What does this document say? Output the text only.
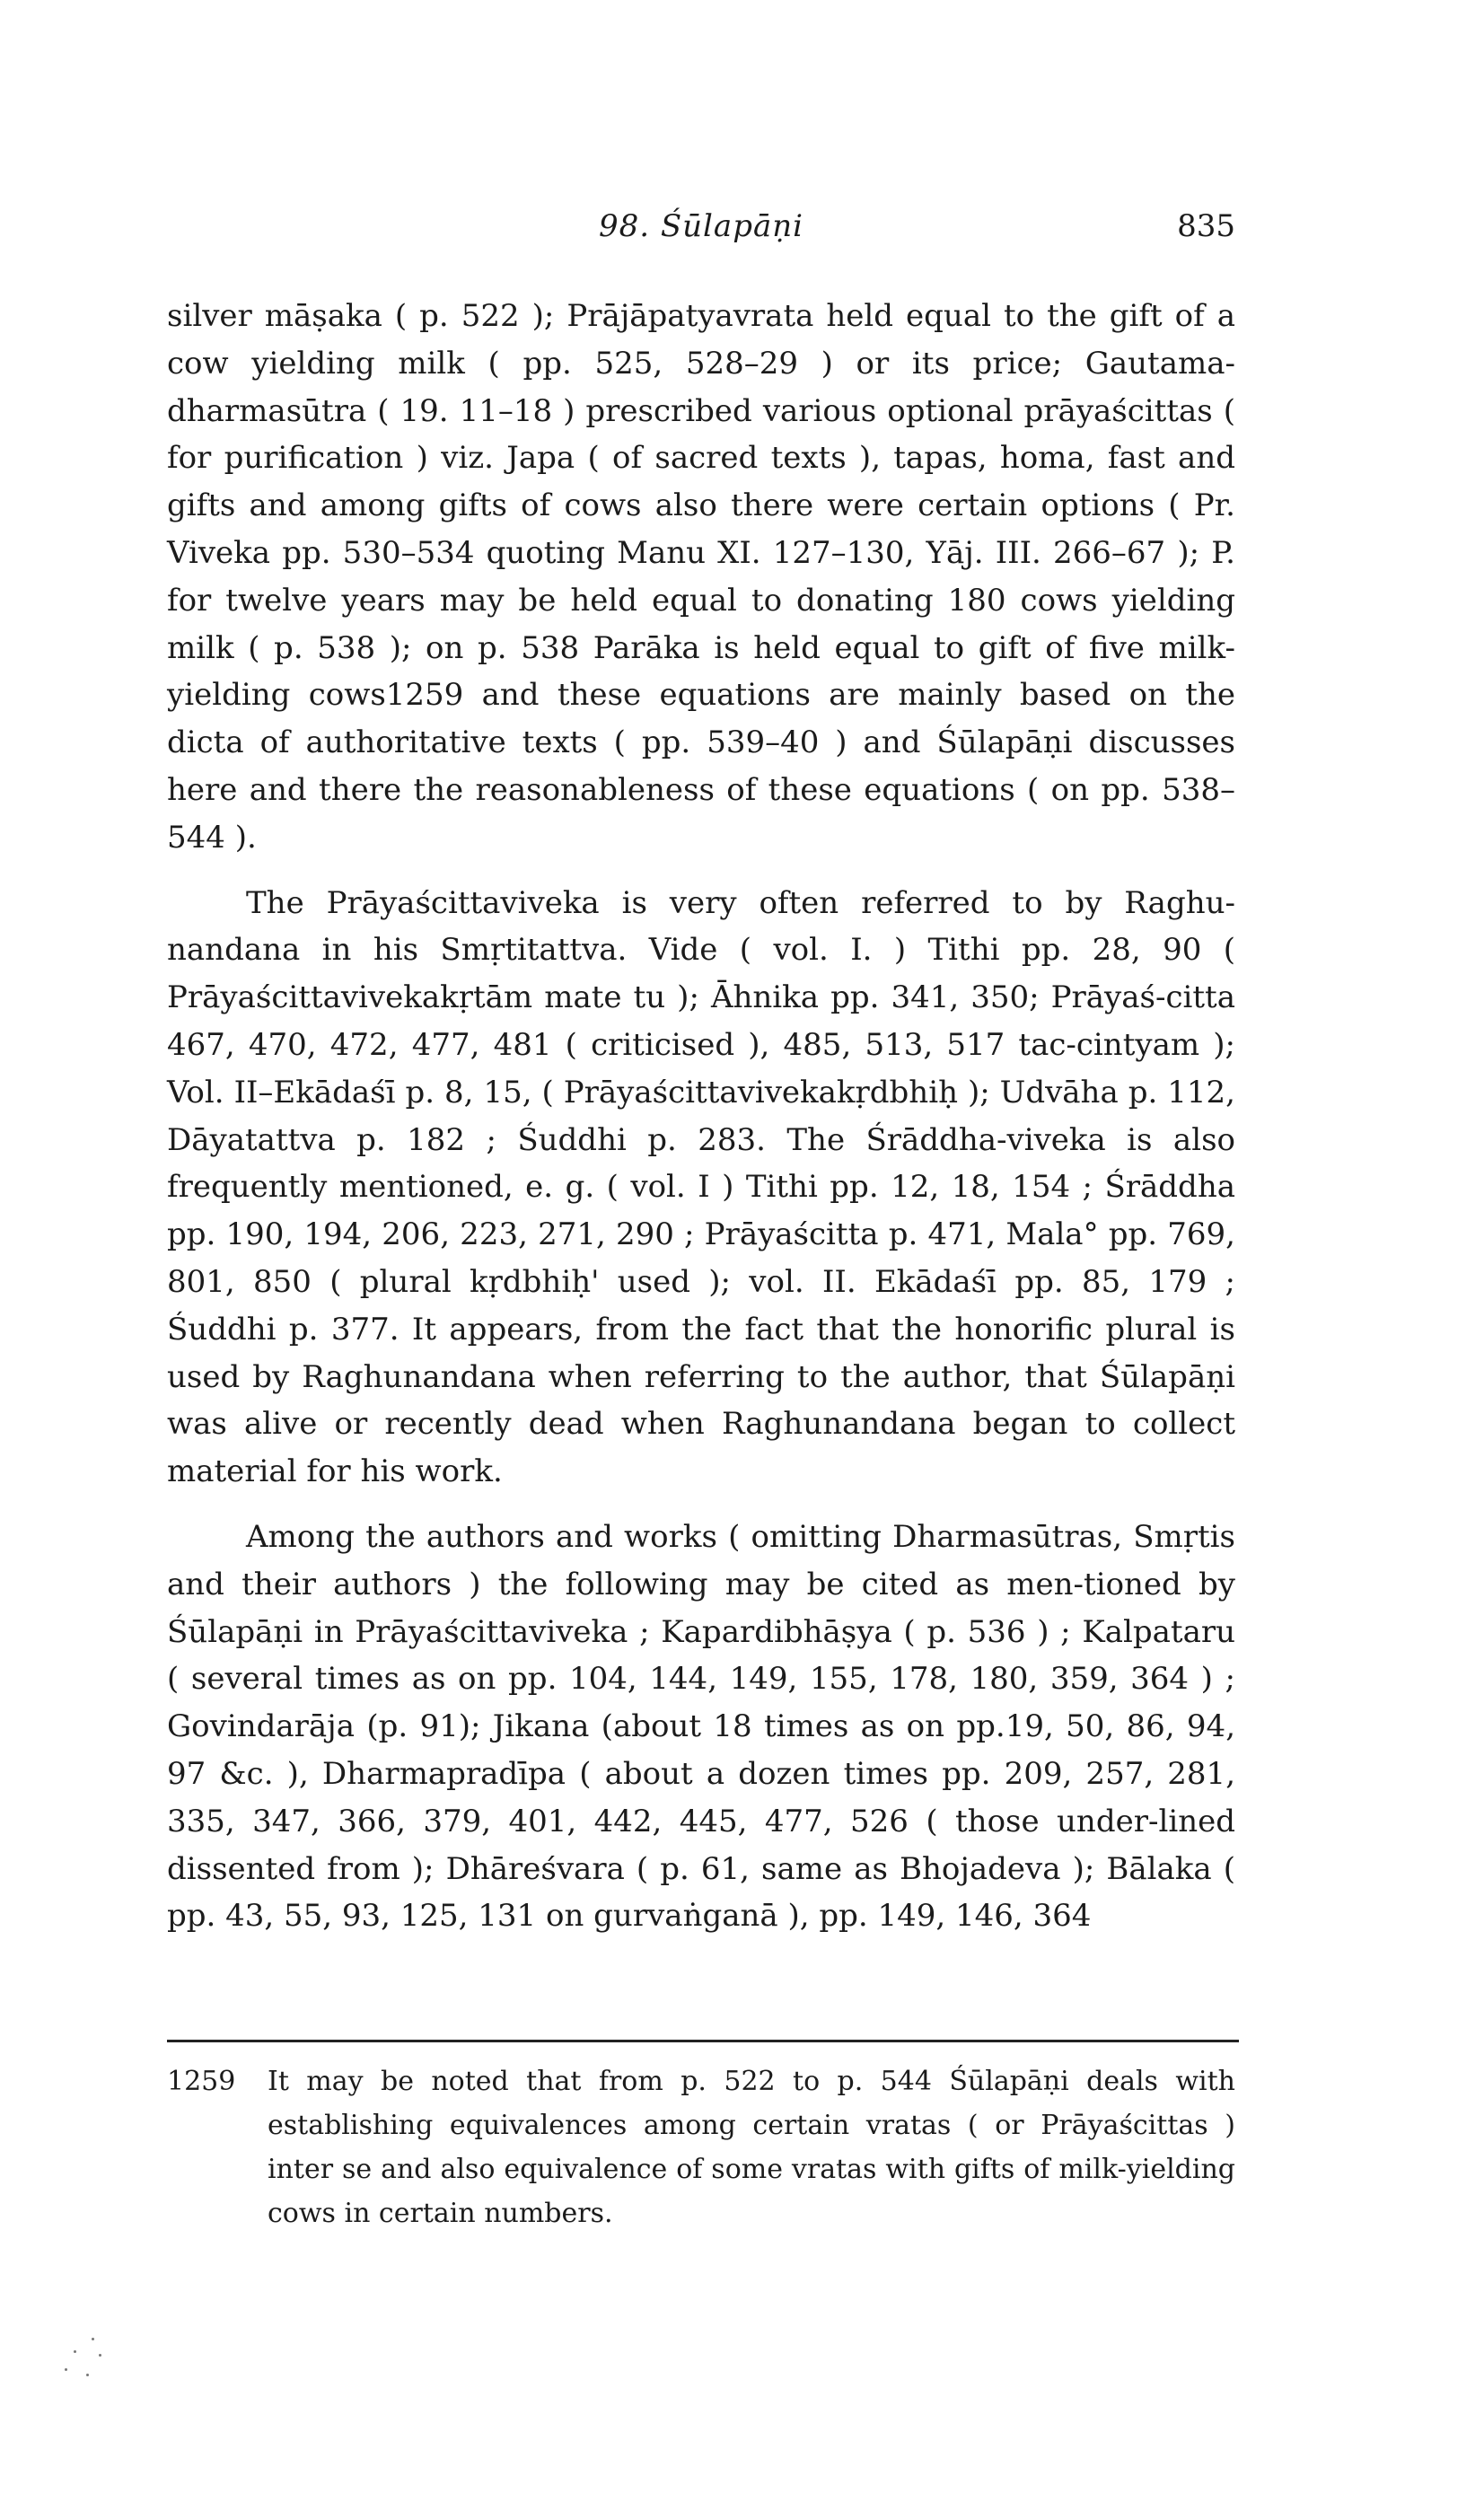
98. Śūlapāṇi	835

silver māṣaka ( p. 522 ); Prājāpatyavrata held equal to the gift of a cow yielding milk ( pp. 525, 528–29 ) or its price; Gautama-dharmasūtra ( 19. 11–18 ) prescribed various optional prāyaścittas ( for purification ) viz. Japa ( of sacred texts ), tapas, homa, fast and gifts and among gifts of cows also there were certain options ( Pr. Viveka pp. 530–534 quoting Manu XI. 127–130, Yāj. III. 266–67 ); P. for twelve years may be held equal to donating 180 cows yielding milk ( p. 538 ); on p. 538 Parāka is held equal to gift of five milk-yielding cows1259 and these equations are mainly based on the dicta of authoritative texts ( pp. 539–40 ) and Śūlapāṇi discusses here and there the reasonableness of these equations ( on pp. 538–544 ).

The Prāyaścittaviveka is very often referred to by Raghu-nandana in his Smṛtitattva. Vide ( vol. I. ) Tithi pp. 28, 90 ( Prāyaścittavivekakṛtām mate tu ); Āhnika pp. 341, 350; Prāyaś-citta 467, 470, 472, 477, 481 ( criticised ), 485, 513, 517 tac-cintyam ); Vol. II–Ekādaśī p. 8, 15, ( Prāyaścittavivekakṛdbhiḥ ); Udvāha p. 112, Dāyatattva p. 182 ; Śuddhi p. 283. The Śrāddha-viveka is also frequently mentioned, e. g. ( vol. I ) Tithi pp. 12, 18, 154 ; Śrāddha pp. 190, 194, 206, 223, 271, 290 ; Prāyaścitta p. 471, Mala° pp. 769, 801, 850 ( plural kṛdbhiḥ' used ); vol. II. Ekādaśī pp. 85, 179 ; Śuddhi p. 377. It appears, from the fact that the honorific plural is used by Raghunandana when referring to the author, that Śūlapāṇi was alive or recently dead when Raghunandana began to collect material for his work.

Among the authors and works ( omitting Dharmasūtras, Smṛtis and their authors ) the following may be cited as men-tioned by Śūlapāṇi in Prāyaścittaviveka ; Kapardibhāṣya ( p. 536 ) ; Kalpataru ( several times as on pp. 104, 144, 149, 155, 178, 180, 359, 364 ) ; Govindarāja (p. 91); Jikana (about 18 times as on pp.19, 50, 86, 94, 97 &c. ), Dharmapradīpa ( about a dozen times pp. 209, 257, 281, 335, 347, 366, 379, 401, 442, 445, 477, 526 ( those under-lined dissented from ); Dhāreśvara ( p. 61, same as Bhojadeva ); Bālaka ( pp. 43, 55, 93, 125, 131 on gurvaṅganā ), pp. 149, 146, 364

1259 It may be noted that from p. 522 to p. 544 Śūlapāṇi deals with establishing equivalences among certain vratas ( or Prāyaścittas ) inter se and also equivalence of some vratas with gifts of milk-yielding cows in certain numbers.
